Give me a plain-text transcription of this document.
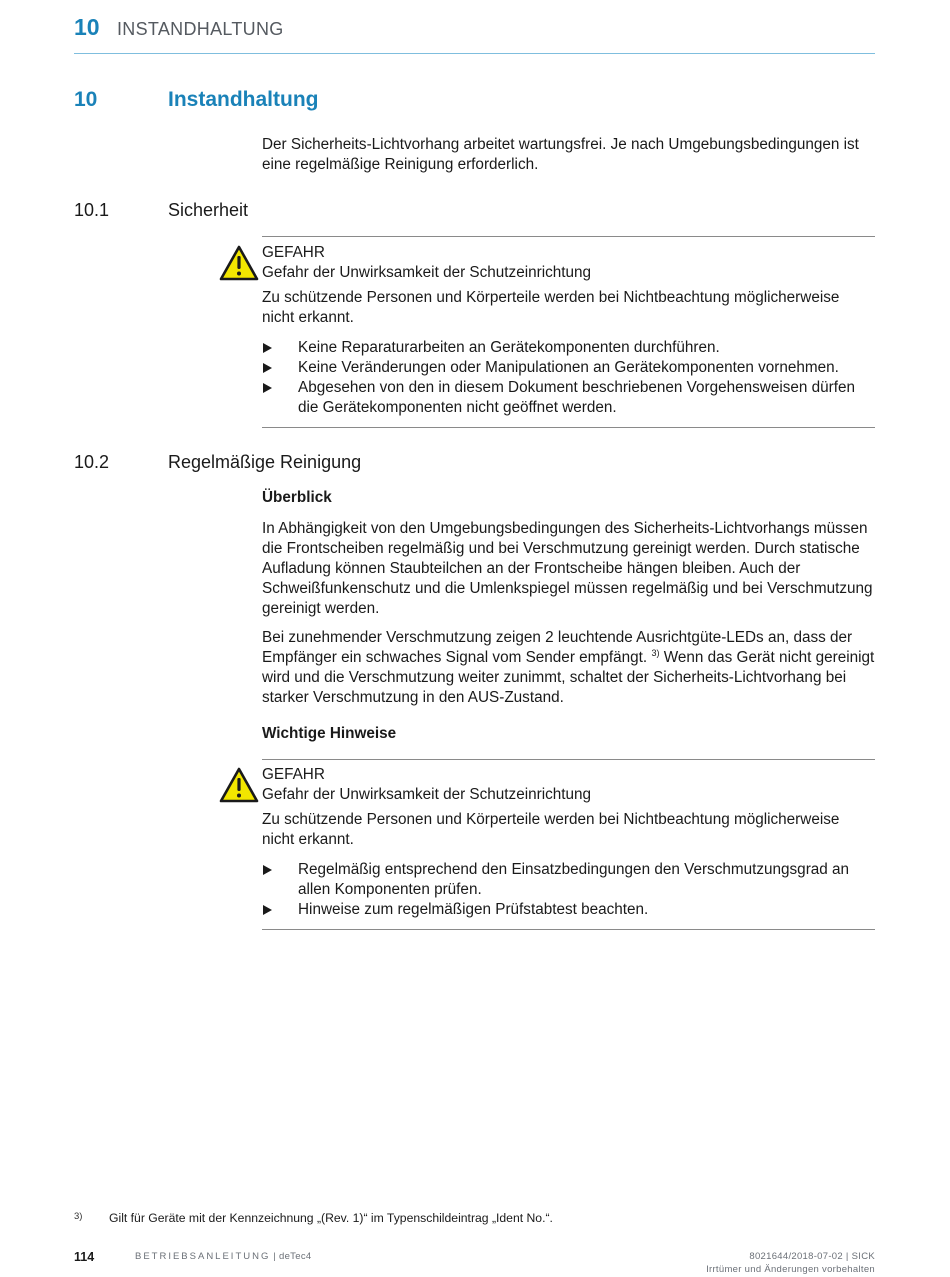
10 INSTANDHALTUNG
10	Instandhaltung

Der Sicherheits-Lichtvorhang arbeitet wartungsfrei. Je nach Umgebungsbedingungen ist eine regelmäßige Reinigung erforderlich.

10.1	Sicherheit
GEFAHR
Gefahr der Unwirksamkeit der Schutzeinrichtung
Zu schützende Personen und Körperteile werden bei Nichtbeachtung möglicherweise nicht erkannt.
Keine Reparaturarbeiten an Gerätekomponenten durchführen.
Keine Veränderungen oder Manipulationen an Gerätekomponenten vornehmen.
Abgesehen von den in diesem Dokument beschriebenen Vorgehensweisen dürfen die Gerätekomponenten nicht geöffnet werden.
10.2	Regelmäßige Reinigung
Überblick

In Abhängigkeit von den Umgebungsbedingungen des Sicherheits-Lichtvorhangs müssen die Frontscheiben regelmäßig und bei Verschmutzung gereinigt werden. Durch statische Aufladung können Staubteilchen an der Frontscheibe hängen bleiben. Auch der Schweißfunkenschutz und die Umlenkspiegel müssen regelmäßig und bei Verschmutzung gereinigt werden.

Bei zunehmender Verschmutzung zeigen 2 leuchtende Ausrichtgüte-LEDs an, dass der Empfänger ein schwaches Signal vom Sender empfängt. $^{3)}$ Wenn das Gerät nicht gereinigt wird und die Verschmutzung weiter zunimmt, schaltet der Sicherheits-Lichtvorhang bei starker Verschmutzung in den AUS-Zustand.

Wichtige Hinweise
GEFAHR
Gefahr der Unwirksamkeit der Schutzeinrichtung
Zu schützende Personen und Körperteile werden bei Nichtbeachtung möglicherweise nicht erkannt.
Regelmäßig entsprechend den Einsatzbedingungen den Verschmutzungsgrad an allen Komponenten prüfen.
Hinweise zum regelmäßigen Prüfstabtest beachten.
3) Gilt für Geräte mit der Kennzeichnung „(Rev. 1)“ im Typenschildeintrag „Ident No.“.
114	BETRIEBSANLEITUNG | deTec4	8021644/2018-07-02 | SICK
Irrtümer und Änderungen vorbehalten
